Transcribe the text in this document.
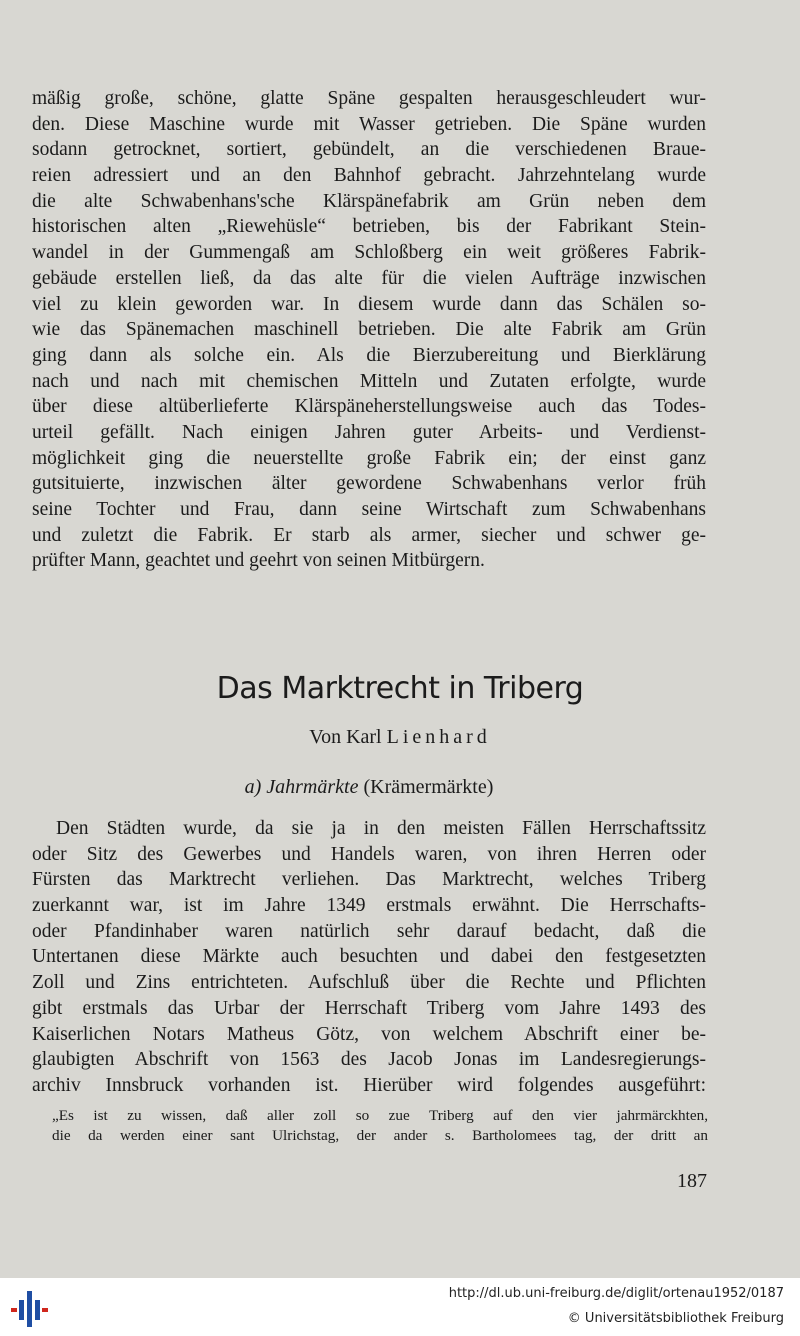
mäßig große, schöne, glatte Späne gespalten herausgeschleudert wur-
den. Diese Maschine wurde mit Wasser getrieben. Die Späne wurden
sodann getrocknet, sortiert, gebündelt, an die verschiedenen Braue-
reien adressiert und an den Bahnhof gebracht. Jahrzehntelang wurde
die alte Schwabenhans'sche Klärspänefabrik am Grün neben dem
historischen alten „Riewehüsle“ betrieben, bis der Fabrikant Stein-
wandel in der Gummengaß am Schloßberg ein weit größeres Fabrik-
gebäude erstellen ließ, da das alte für die vielen Aufträge inzwischen
viel zu klein geworden war. In diesem wurde dann das Schälen so-
wie das Spänemachen maschinell betrieben. Die alte Fabrik am Grün
ging dann als solche ein. Als die Bierzubereitung und Bierklärung
nach und nach mit chemischen Mitteln und Zutaten erfolgte, wurde
über diese altüberlieferte Klärspäneherstellungsweise auch das Todes-
urteil gefällt. Nach einigen Jahren guter Arbeits- und Verdienst-
möglichkeit ging die neuerstellte große Fabrik ein; der einst ganz
gutsituierte, inzwischen älter gewordene Schwabenhans verlor früh
seine Tochter und Frau, dann seine Wirtschaft zum Schwabenhans
und zuletzt die Fabrik. Er starb als armer, siecher und schwer ge-
prüfter Mann, geachtet und geehrt von seinen Mitbürgern.
Das Marktrecht in Triberg
Von Karl Lienhard
a) Jahrmärkte (Krämermärkte)
Den Städten wurde, da sie ja in den meisten Fällen Herrschaftssitz
oder Sitz des Gewerbes und Handels waren, von ihren Herren oder
Fürsten das Marktrecht verliehen. Das Marktrecht, welches Triberg
zuerkannt war, ist im Jahre 1349 erstmals erwähnt. Die Herrschafts-
oder Pfandinhaber waren natürlich sehr darauf bedacht, daß die
Untertanen diese Märkte auch besuchten und dabei den festgesetzten
Zoll und Zins entrichteten. Aufschluß über die Rechte und Pflichten
gibt erstmals das Urbar der Herrschaft Triberg vom Jahre 1493 des
Kaiserlichen Notars Matheus Götz, von welchem Abschrift einer be-
glaubigten Abschrift von 1563 des Jacob Jonas im Landesregierungs-
archiv Innsbruck vorhanden ist. Hierüber wird folgendes ausgeführt:
„Es ist zu wissen, daß aller zoll so zue Triberg auf den vier jahrmärckhten,
die da werden einer sant Ulrichstag, der ander s. Bartholomees tag, der dritt an
187
http://dl.ub.uni-freiburg.de/diglit/ortenau1952/0187
© Universitätsbibliothek Freiburg
